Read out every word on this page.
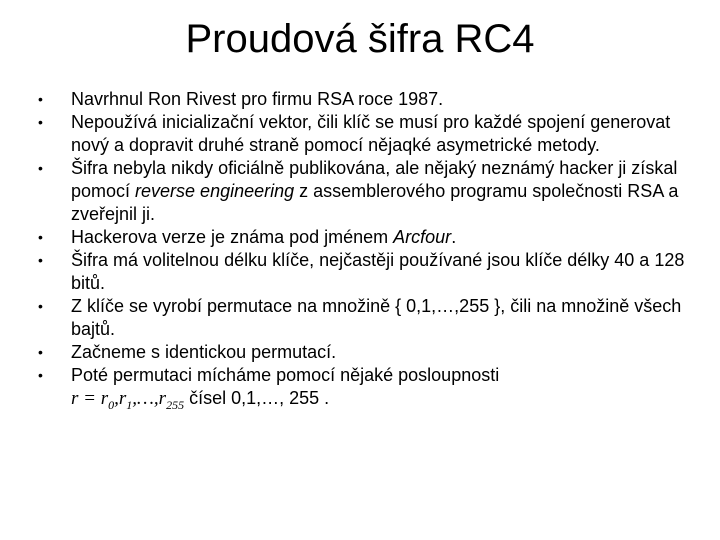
Proudová šifra RC4
•	Navrhnul Ron Rivest pro firmu RSA roce 1987.
•	Nepoužívá inicializační vektor, čili klíč se musí pro každé spojení generovat nový a dopravit druhé straně pomocí nějaqké asymetrické metody.
•	Šifra nebyla nikdy oficiálně publikována, ale nějaký neznámý hacker ji získal pomocí reverse engineering z assemblerového programu společnosti RSA a zveřejnil ji.
•	Hackerova verze je známa pod jménem Arcfour.
•	Šifra má volitelnou délku klíče, nejčastěji používané jsou klíče délky 40 a 128 bitů.
•	Z klíče se vyrobí permutace na množině { 0,1,…,255 }, čili na množině všech bajtů.
•	Začneme s identickou permutací.
•	Poté permutaci mícháme pomocí nějaké posloupnosti
$r = r_0,r_1,\dots,r_{255}$ čísel 0,1,…, 255 .
